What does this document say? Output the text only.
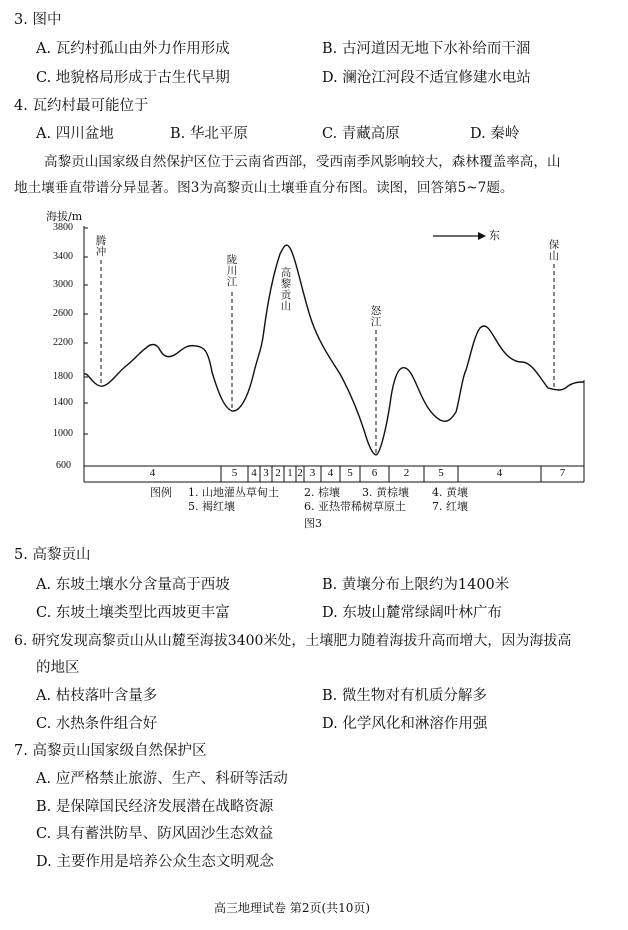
3. 图中
A. 瓦约村孤山由外力作用形成	B. 古河道因无地下水补给而干涸
C. 地貌格局形成于古生代早期	D. 澜沧江河段不适宜修建水电站
4. 瓦约村最可能位于
A. 四川盆地	B. 华北平原	C. 青藏高原	D. 秦岭
高黎贡山国家级自然保护区位于云南省西部，受西南季风影响较大，森林覆盖率高，山
地土壤垂直带谱分异显著。图3为高黎贡山土壤垂直分布图。读图，回答第5~7题。
海拔/m
3800
3400
3000
2600
2200
1800
1400
1000
600
东
腾冲
陇川江
高黎贡山	怒江
保山
4	5	4 3 2 1 2 3	4	5	6	2	5	4	7
图例 1. 山地灌丛草甸土 2. 棕壤 3. 黄棕壤 4. 黄壤
5. 褐红壤	6. 亚热带稀树草原土 7. 红壤
图3
5. 高黎贡山
A. 东坡土壤水分含量高于西坡	B. 黄壤分布上限约为1400米
C. 东坡土壤类型比西坡更丰富	D. 东坡山麓常绿阔叶林广布
6. 研究发现高黎贡山从山麓至海拔3400米处，土壤肥力随着海拔升高而增大，因为海拔高
的地区
A. 枯枝落叶含量多	B. 微生物对有机质分解多
C. 水热条件组合好	D. 化学风化和淋溶作用强
7. 高黎贡山国家级自然保护区
A. 应严格禁止旅游、生产、科研等活动
B. 是保障国民经济发展潜在战略资源
C. 具有蓄洪防旱、防风固沙生态效益
D. 主要作用是培养公众生态文明观念
高三地理试卷 第2页(共10页)
